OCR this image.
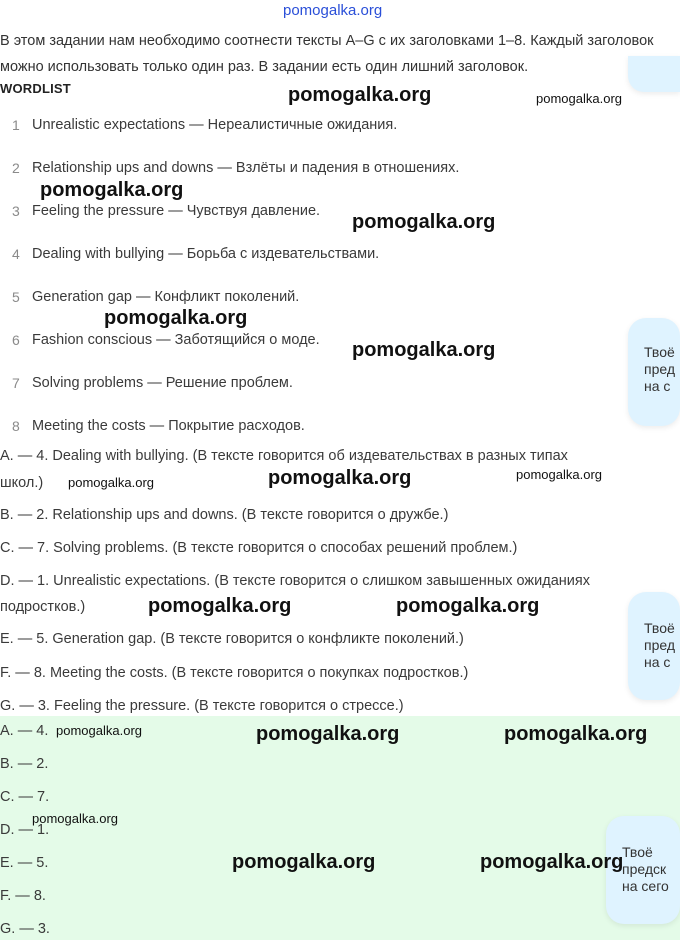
pomogalka.org
В этом задании нам необходимо соотнести тексты A–G с их заголовками 1–8. Каждый заголовок можно использовать только один раз. В задании есть один лишний заголовок.
WORDLIST
1 Unrealistic expectations — Нереалистичные ожидания.
2 Relationship ups and downs — Взлёты и падения в отношениях.
3 Feeling the pressure — Чувствуя давление.
4 Dealing with bullying — Борьба с издевательствами.
5 Generation gap — Конфликт поколений.
6 Fashion conscious — Заботящийся о моде.
7 Solving problems — Решение проблем.
8 Meeting the costs — Покрытие расходов.
A. — 4. Dealing with bullying. (В тексте говорится об издевательствах в разных типах
школ.)
B. — 2. Relationship ups and downs. (В тексте говорится о дружбе.)
C. — 7. Solving problems. (В тексте говорится о способах решений проблем.)
D. — 1. Unrealistic expectations. (В тексте говорится о слишком завышенных ожиданиях
подростков.)
E. — 5. Generation gap. (В тексте говорится о конфликте поколений.)
F. — 8. Meeting the costs. (В тексте говорится о покупках подростков.)
G. — 3. Feeling the pressure. (В тексте говорится о стрессе.)
A. — 4.
B. — 2.
C. — 7.
D. — 1.
E. — 5.
F. — 8.
G. — 3.
Твоё
пред
на с
Твоё
пред
на с
Твоё
предск
на сего
pomogalka.org	pomogalka.org
pomogalka.org
pomogalka.org
pomogalka.org
pomogalka.org
pomogalka.org	pomogalka.org	pomogalka.org
pomogalka.org	pomogalka.org
pomogalka.org	pomogalka.org	pomogalka.org
pomogalka.org
pomogalka.org	pomogalka.org
